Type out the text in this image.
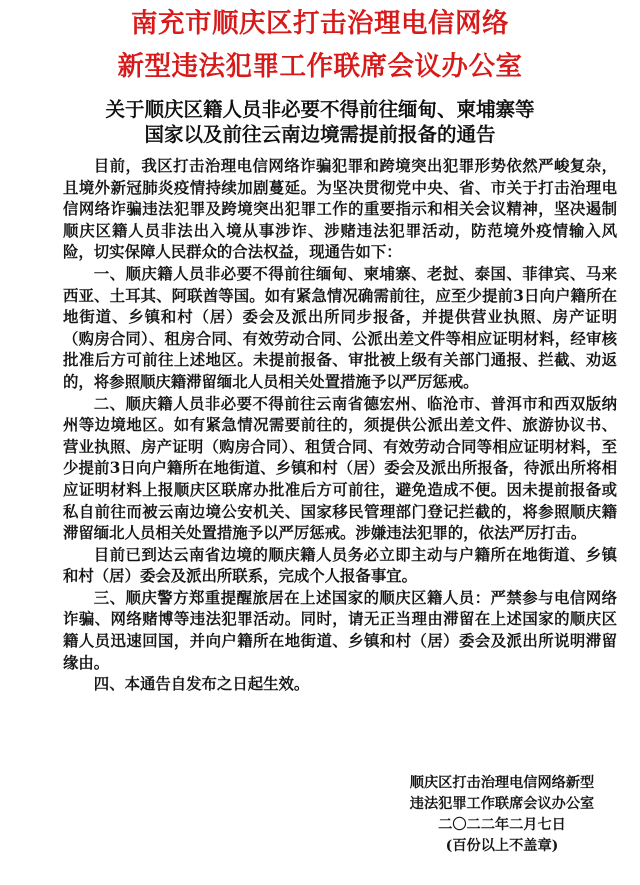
南充市顺庆区打击治理电信网络
新型违法犯罪工作联席会议办公室
关于顺庆区籍人员非必要不得前往缅甸、柬埔寨等
国家以及前往云南边境需提前报备的通告

目前，我区打击治理电信网络诈骗犯罪和跨境突出犯罪形势依然严峻复杂，且境外新冠肺炎疫情持续加剧蔓延。为坚决贯彻党中央、省、市关于打击治理电信网络诈骗违法犯罪及跨境突出犯罪工作的重要指示和相关会议精神，坚决遏制顺庆区籍人员非法出入境从事涉诈、涉赌违法犯罪活动，防范境外疫情输入风险，切实保障人民群众的合法权益，现通告如下：

一、顺庆籍人员非必要不得前往缅甸、柬埔寨、老挝、泰国、菲律宾、马来西亚、土耳其、阿联酋等国。如有紧急情况确需前往，应至少提前3日向户籍所在地街道、乡镇和村（居）委会及派出所同步报备，并提供营业执照、房产证明（购房合同）、租房合同、有效劳动合同、公派出差文件等相应证明材料，经审核批准后方可前往上述地区。未提前报备、审批被上级有关部门通报、拦截、劝返的，将参照顺庆籍滞留缅北人员相关处置措施予以严厉惩戒。

二、顺庆籍人员非必要不得前往云南省德宏州、临沧市、普洱市和西双版纳州等边境地区。如有紧急情况需要前往的，须提供公派出差文件、旅游协议书、营业执照、房产证明（购房合同）、租赁合同、有效劳动合同等相应证明材料，至少提前3日向户籍所在地街道、乡镇和村（居）委会及派出所报备，待派出所将相应证明材料上报顺庆区联席办批准后方可前往，避免造成不便。因未提前报备或私自前往而被云南边境公安机关、国家移民管理部门登记拦截的，将参照顺庆籍滞留缅北人员相关处置措施予以严厉惩戒。涉嫌违法犯罪的，依法严厉打击。

目前已到达云南省边境的顺庆籍人员务必立即主动与户籍所在地街道、乡镇和村（居）委会及派出所联系，完成个人报备事宜。

三、顺庆警方郑重提醒旅居在上述国家的顺庆区籍人员：严禁参与电信网络诈骗、网络赌博等违法犯罪活动。同时，请无正当理由滞留在上述国家的顺庆区籍人员迅速回国，并向户籍所在地街道、乡镇和村（居）委会及派出所说明滞留缘由。

四、本通告自发布之日起生效。

顺庆区打击治理电信网络新型
违法犯罪工作联席会议办公室
二〇二二年二月七日
(百份以上不盖章)
